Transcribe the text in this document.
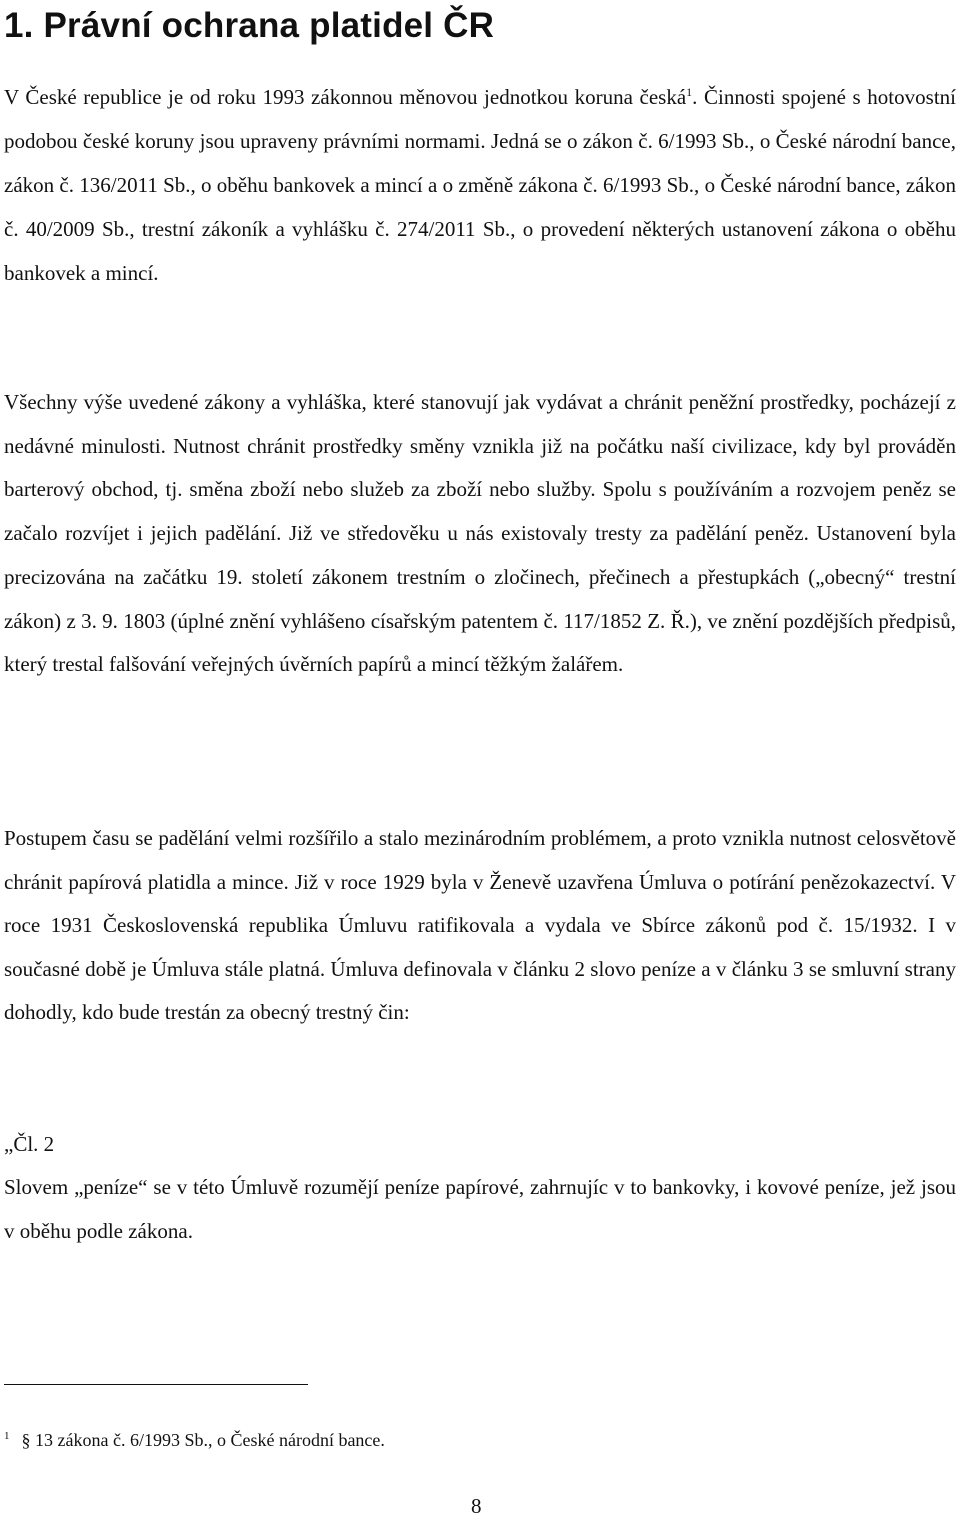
1. Právní ochrana platidel ČR

V České republice je od roku 1993 zákonnou měnovou jednotkou koruna česká$^1$. Činnosti spojené s hotovostní podobou české koruny jsou upraveny právními normami. Jedná se o zákon č. 6/1993 Sb., o České národní bance, zákon č. 136/2011 Sb., o oběhu bankovek a mincí a o změně zákona č. 6/1993 Sb., o České národní bance, zákon č. 40/2009 Sb., trestní zákoník a vyhlášku č. 274/2011 Sb., o provedení některých ustanovení zákona o oběhu bankovek a mincí.

Všechny výše uvedené zákony a vyhláška, které stanovují jak vydávat a chránit peněžní prostředky, pocházejí z nedávné minulosti. Nutnost chránit prostředky směny vznikla již na počátku naší civilizace, kdy byl prováděn barterový obchod, tj. směna zboží nebo služeb za zboží nebo služby. Spolu s používáním a rozvojem peněz se začalo rozvíjet i jejich padělání. Již ve středověku u nás existovaly tresty za padělání peněz. Ustanovení byla precizována na začátku 19. století zákonem trestním o zločinech, přečinech a přestupkách („obecný“ trestní zákon) z 3. 9. 1803 (úplné znění vyhlášeno císařským patentem č. 117/1852 Z. Ř.), ve znění pozdějších předpisů, který trestal falšování veřejných úvěrních papírů a mincí těžkým žalářem.

Postupem času se padělání velmi rozšířilo a stalo mezinárodním problémem, a proto vznikla nutnost celosvětově chránit papírová platidla a mince. Již v roce 1929 byla v Ženevě uzavřena Úmluva o potírání penězokazectví. V roce 1931 Československá republika Úmluvu ratifikovala a vydala ve Sbírce zákonů pod č. 15/1932. I v současné době je Úmluva stále platná. Úmluva definovala v článku 2 slovo peníze a v článku 3 se smluvní strany dohodly, kdo bude trestán za obecný trestný čin:

„Čl. 2

Slovem „peníze“ se v této Úmluvě rozumějí peníze papírové, zahrnujíc v to bankovky, i kovové peníze, jež jsou v oběhu podle zákona.

$^1$ § 13 zákona č. 6/1993 Sb., o České národní bance.

8
